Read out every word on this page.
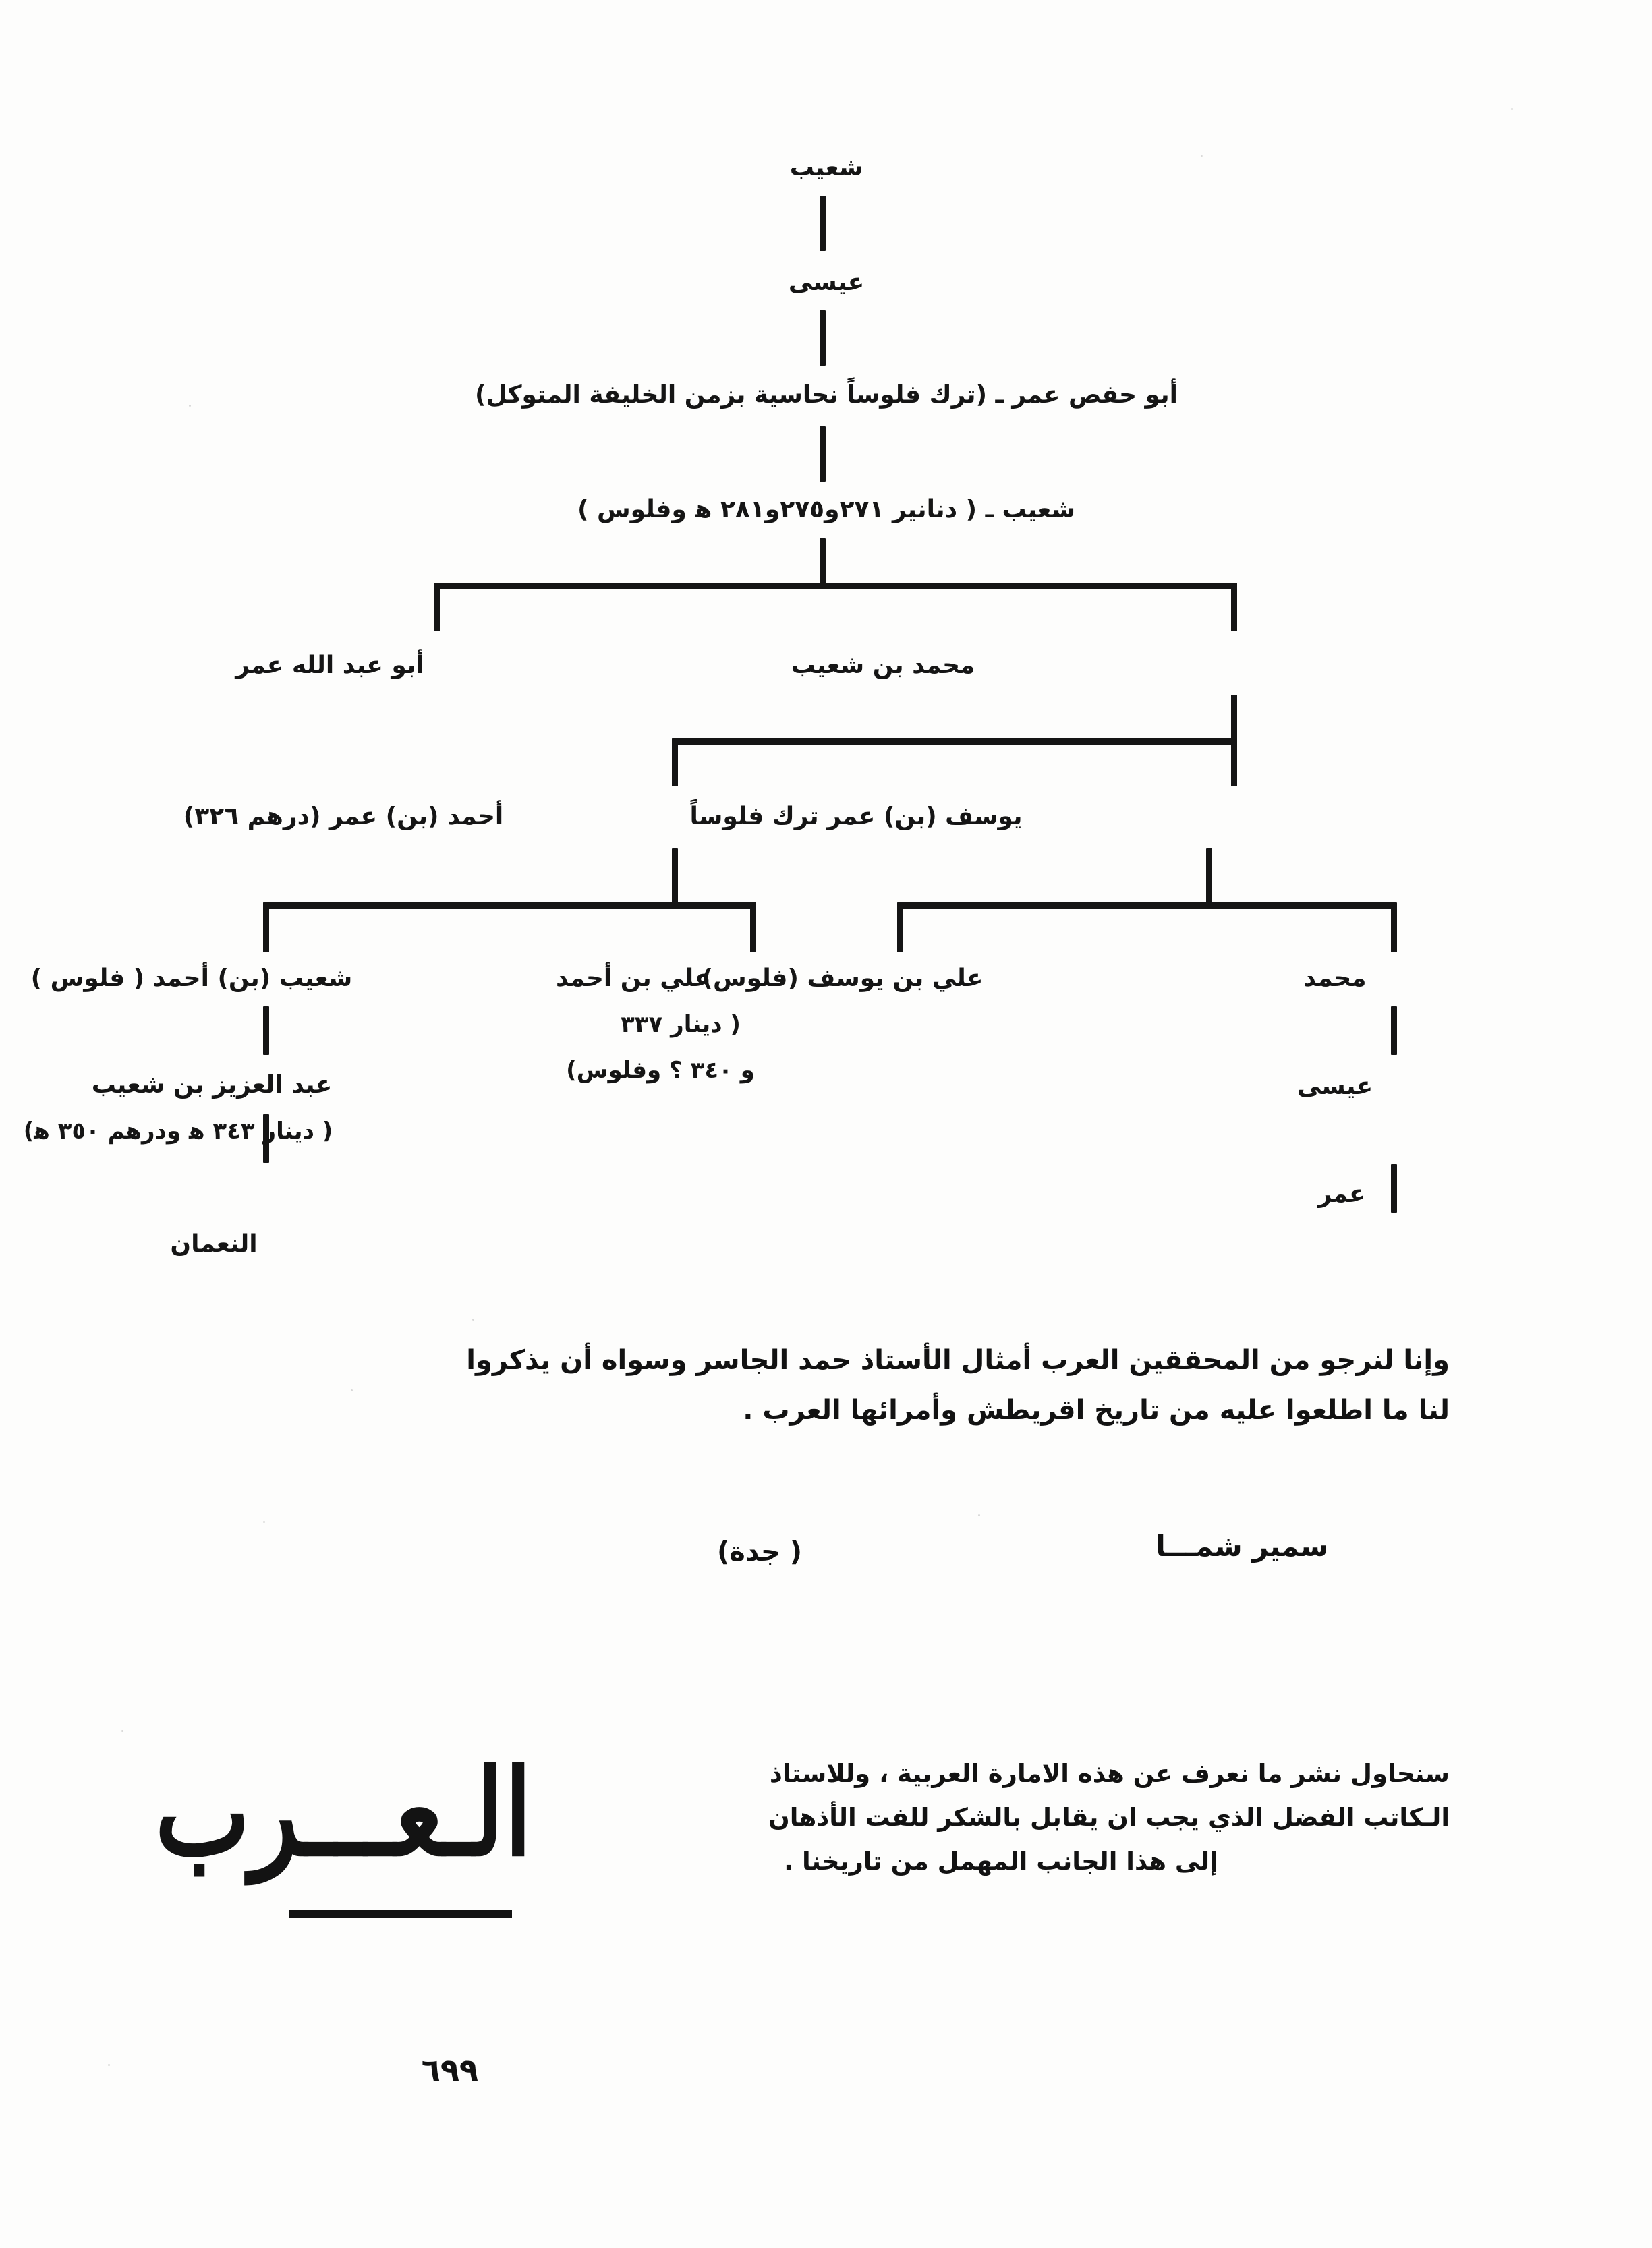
شعيب
عيسى
أبو حفص عمر ـ (ترك فلوساً نحاسية بزمن الخليفة المتوكل)
شعيب ـ ( دنانير ٢٧١و٢٧٥و٢٨١ ﻫ وفلوس )
محمد بن شعيب
أبو عبد الله عمر
يوسف (بن) عمر ترك فلوساً
أحمد (بن) عمر (درهم ٣٢٦)
محمد
علي بن يوسف (فلوس)
علي بن أحمد
( دينار ٣٣٧
و ٣٤٠ ؟ وفلوس)
شعيب (بن) أحمد ( فلوس )
عيسى
عمر
عبد العزيز بن شعيب
( دينار ٣٤٣ ﻫ ودرهم ٣٥٠ ﻫ)
النعمان
وإنا لنرجو من المحققين العرب أمثال الأستاذ حمد الجاسر وسواه أن يذكروا
لنا ما اطلعوا عليه من تاريخ اقريطش وأمرائها العرب .
سمير شمـــا
( جدة)

سنحاول نشر ما نعرف عن هذه الامارة العربية ، وللاستاذ

الـكاتب الفضل الذي يجب ان يقابل بالشكر للفت الأذهان

إلى هذا الجانب المهمل من تاريخنا .

الـعـــرب
٦٩٩
